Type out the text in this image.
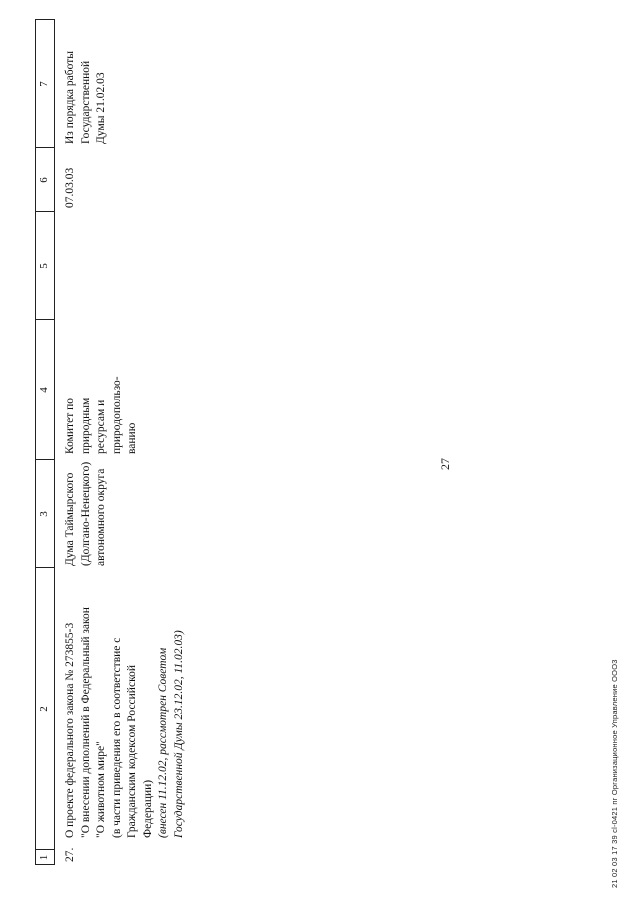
27
1
2
3
4
5
6
7
27.
О проекте федерального закона № 273855-3 "О внесении дополнений в Федеральный закон "О животном мире" (в части приведения его в соответствие с Гражданским кодексом Российской Федерации) (внесен 11.12.02, рассмотрен Советом Государственной Думы 23.12.02, 11.02.03)
Дума Таймырского (Долгано-Ненецкого) автономного округа
Комитет по природным ресурсам и природопользо- ванию
07.03.03
Из порядка работы Государственной Думы 21.02.03
21 02 03 17 39 cl-0421 пг Организационное Управление ООО3
